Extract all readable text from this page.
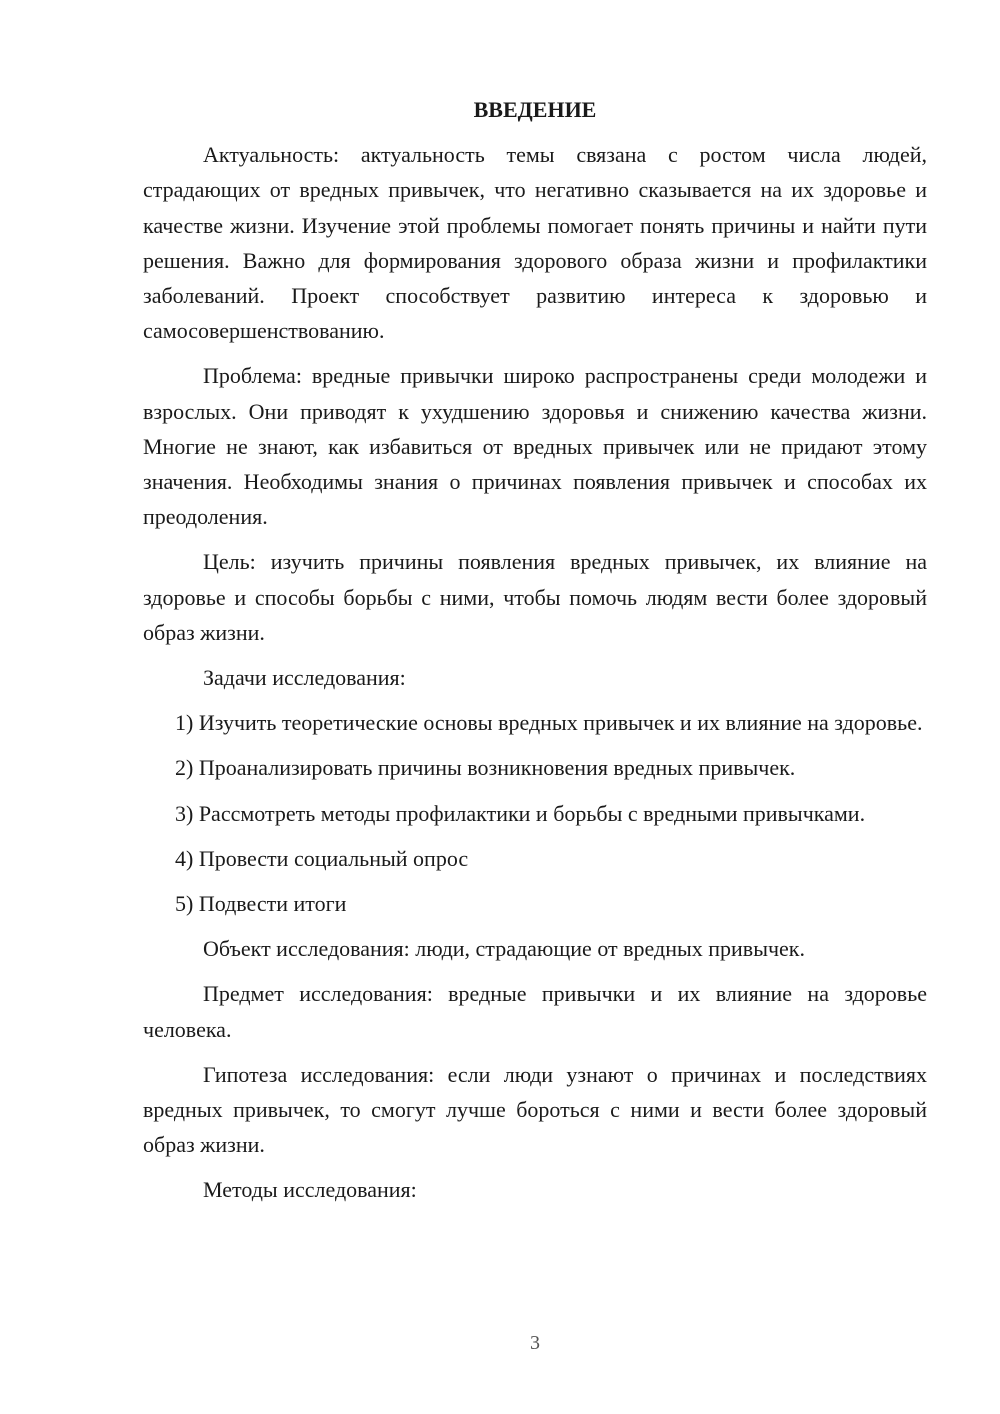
ВВЕДЕНИЕ
Актуальность: актуальность темы связана с ростом числа людей, страдающих от вредных привычек, что негативно сказывается на их здоровье и качестве жизни. Изучение этой проблемы помогает понять причины и найти пути решения. Важно для формирования здорового образа жизни и профилактики заболеваний. Проект способствует развитию интереса к здоровью и самосовершенствованию.
Проблема: вредные привычки широко распространены среди молодежи и взрослых. Они приводят к ухудшению здоровья и снижению качества жизни. Многие не знают, как избавиться от вредных привычек или не придают этому значения. Необходимы знания о причинах появления привычек и способах их преодоления.
Цель: изучить причины появления вредных привычек, их влияние на здоровье и способы борьбы с ними, чтобы помочь людям вести более здоровый образ жизни.
Задачи исследования:
1) Изучить теоретические основы вредных привычек и их влияние на здоровье.
2) Проанализировать причины возникновения вредных привычек.
3) Рассмотреть методы профилактики и борьбы с вредными привычками.
4) Провести социальный опрос
5) Подвести итоги
Объект исследования: люди, страдающие от вредных привычек.
Предмет исследования: вредные привычки и их влияние на здоровье человека.
Гипотеза исследования: если люди узнают о причинах и последствиях вредных привычек, то смогут лучше бороться с ними и вести более здоровый образ жизни.
Методы исследования:
3
